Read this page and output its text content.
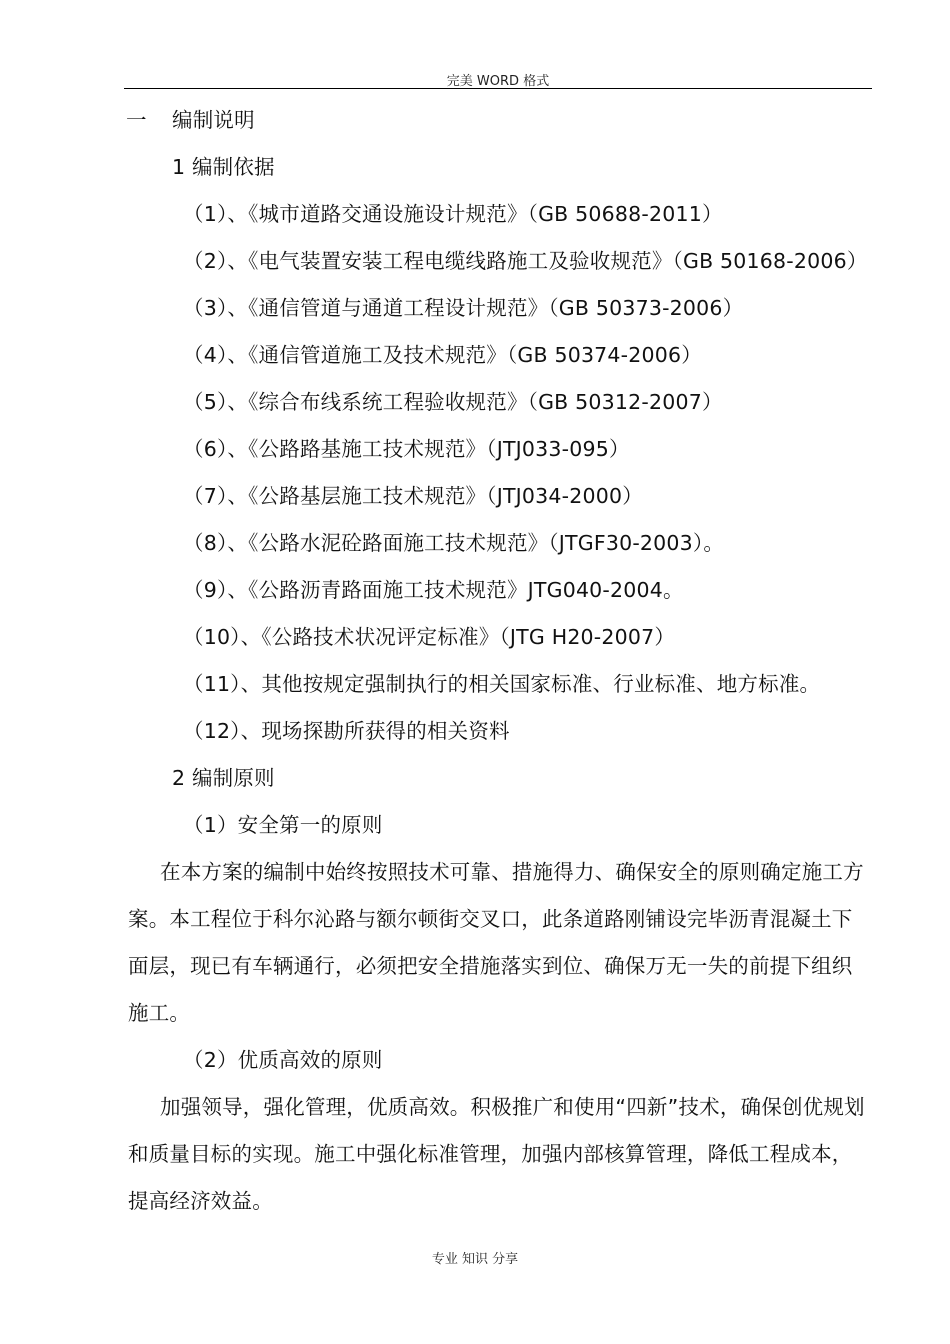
完美 WORD 格式
一 编制说明
1 编制依据
（1）、《城市道路交通设施设计规范》（GB 50688-2011）
（2）、《电气装置安装工程电缆线路施工及验收规范》（GB 50168-2006）
（3）、《通信管道与通道工程设计规范》（GB 50373-2006）
（4）、《通信管道施工及技术规范》（GB 50374-2006）
（5）、《综合布线系统工程验收规范》（GB 50312-2007）
（6）、《公路路基施工技术规范》（JTJ033-095）
（7）、《公路基层施工技术规范》（JTJ034-2000）
（8）、《公路水泥砼路面施工技术规范》（JTGF30-2003）。
（9）、《公路沥青路面施工技术规范》JTG040-2004。
（10）、《公路技术状况评定标准》（JTG H20-2007）
（11）、其他按规定强制执行的相关国家标准、行业标准、地方标准。
（12）、现场探勘所获得的相关资料
2 编制原则
（1）安全第一的原则
在本方案的编制中始终按照技术可靠、措施得力、确保安全的原则确定施工方案。本工程位于科尔沁路与额尔顿街交叉口，此条道路刚铺设完毕沥青混凝土下面层，现已有车辆通行，必须把安全措施落实到位、确保万无一失的前提下组织施工。
（2）优质高效的原则
加强领导，强化管理，优质高效。积极推广和使用“四新”技术，确保创优规划和质量目标的实现。施工中强化标准管理，加强内部核算管理，降低工程成本，提高经济效益。
专业 知识 分享
